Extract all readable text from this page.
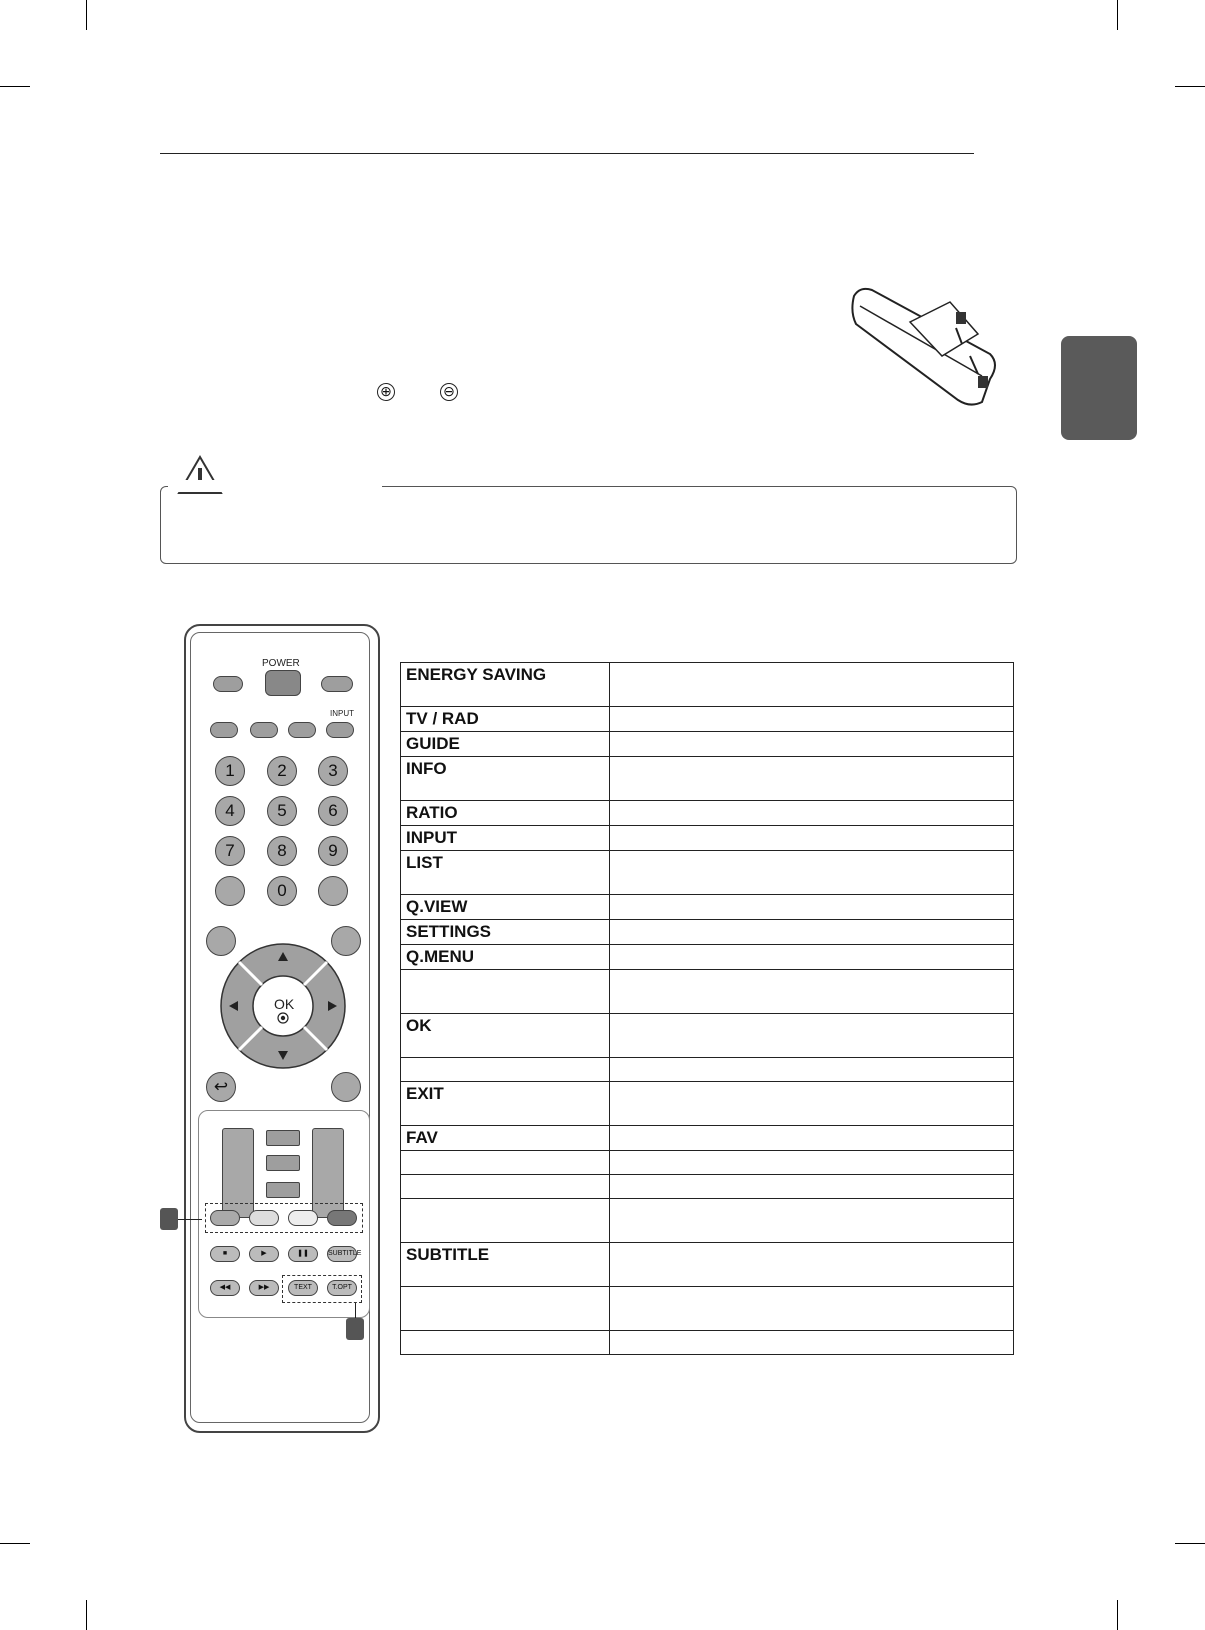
⊕	⊖
POWER
INPUT
1	2	3
4	5	6
7	8	9
0
OK
↩
■	▶	❚❚	SUBTITLE
◀◀	▶▶	TEXT	T.OPT
ENERGY SAVING	
TV / RAD	
GUIDE	
INFO	
RATIO	
INPUT	
LIST	
Q.VIEW	
SETTINGS	
Q.MENU	

OK	

EXIT	
FAV	

SUBTITLE	
